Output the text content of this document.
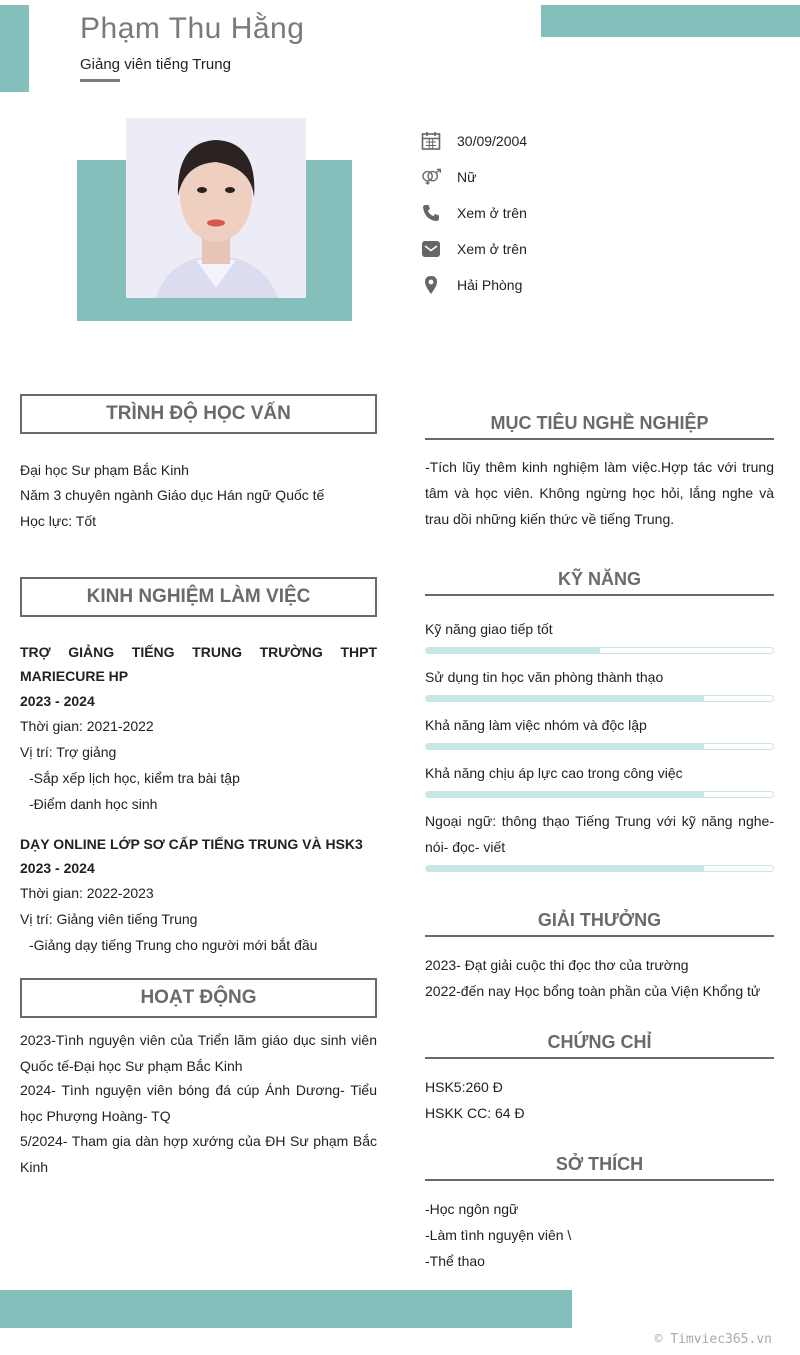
Phạm Thu Hằng
Giảng viên tiếng Trung
30/09/2004
Nữ
Xem ở trên
Xem ở trên
Hải Phòng
TRÌNH ĐỘ HỌC VẤN
Đại học Sư phạm Bắc Kinh
Năm 3 chuyên ngành Giáo dục Hán ngữ Quốc tế
Học lực: Tốt
KINH NGHIỆM LÀM VIỆC
TRỢ GIẢNG TIẾNG TRUNG TRƯỜNG THPT MARIECURE HP
2023 - 2024
Thời gian: 2021-2022
Vị trí: Trợ giảng
-Sắp xếp lịch học, kiểm tra bài tập
-Điểm danh học sinh
DẠY ONLINE LỚP SƠ CẤP TIẾNG TRUNG VÀ HSK3
2023 - 2024
Thời gian: 2022-2023
Vị trí: Giảng viên tiếng Trung
-Giảng dạy tiếng Trung cho người mới bắt đầu
HOẠT ĐỘNG
2023-Tình nguyện viên của Triển lãm giáo dục sinh viên Quốc tế-Đại học Sư phạm Bắc Kinh
2024- Tình nguyện viên bóng đá cúp Ánh Dương- Tiểu học Phượng Hoàng- TQ
5/2024- Tham gia dàn hợp xướng của ĐH Sư phạm Bắc Kinh
MỤC TIÊU NGHỀ NGHIỆP
-Tích lũy thêm kinh nghiệm làm việc.Hợp tác với trung tâm và học viên. Không ngừng học hỏi, lắng nghe và trau dồi những kiến thức về tiếng Trung.
KỸ NĂNG
Kỹ năng giao tiếp tốt
Sử dụng tin học văn phòng thành thạo
Khả năng làm việc nhóm và độc lập
Khả năng chịu áp lực cao trong công việc
Ngoại ngữ: thông thạo Tiếng Trung với kỹ năng nghe- nói- đọc- viết
GIẢI THƯỞNG
2023- Đạt giải cuộc thi đọc thơ của trường
2022-đến nay Học bổng toàn phần của Viện Khổng tử
CHỨNG CHỈ
HSK5:260 Đ
HSKK CC: 64 Đ
SỞ THÍCH
-Học ngôn ngữ
-Làm tình nguyện viên \
-Thể thao
© Timviec365.vn
